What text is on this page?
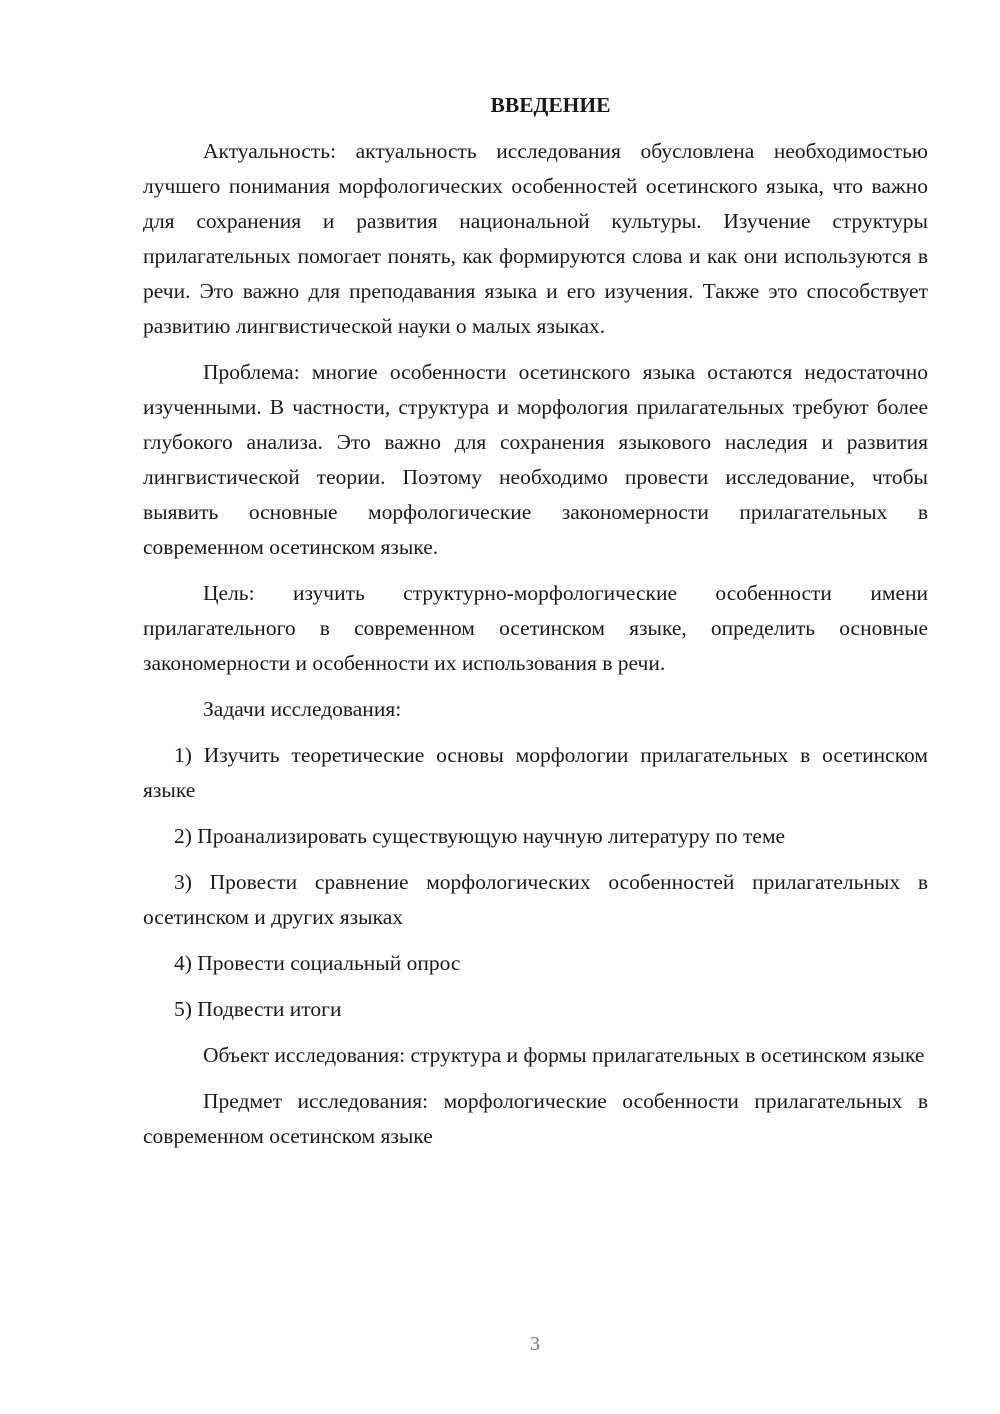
ВВЕДЕНИЕ

Актуальность: актуальность исследования обусловлена необходимостью лучшего понимания морфологических особенностей осетинского языка, что важно для сохранения и развития национальной культуры. Изучение структуры прилагательных помогает понять, как формируются слова и как они используются в речи. Это важно для преподавания языка и его изучения. Также это способствует развитию лингвистической науки о малых языках.

Проблема: многие особенности осетинского языка остаются недостаточно изученными. В частности, структура и морфология прилагательных требуют более глубокого анализа. Это важно для сохранения языкового наследия и развития лингвистической теории. Поэтому необходимо провести исследование, чтобы выявить основные морфологические закономерности прилагательных в современном осетинском языке.

Цель: изучить структурно-морфологические особенности имени прилагательного в современном осетинском языке, определить основные закономерности и особенности их использования в речи.

Задачи исследования:

1) Изучить теоретические основы морфологии прилагательных в осетинском языке

2) Проанализировать существующую научную литературу по теме

3) Провести сравнение морфологических особенностей прилагательных в осетинском и других языках

4) Провести социальный опрос

5) Подвести итоги

Объект исследования: структура и формы прилагательных в осетинском языке

Предмет исследования: морфологические особенности прилагательных в современном осетинском языке

3
